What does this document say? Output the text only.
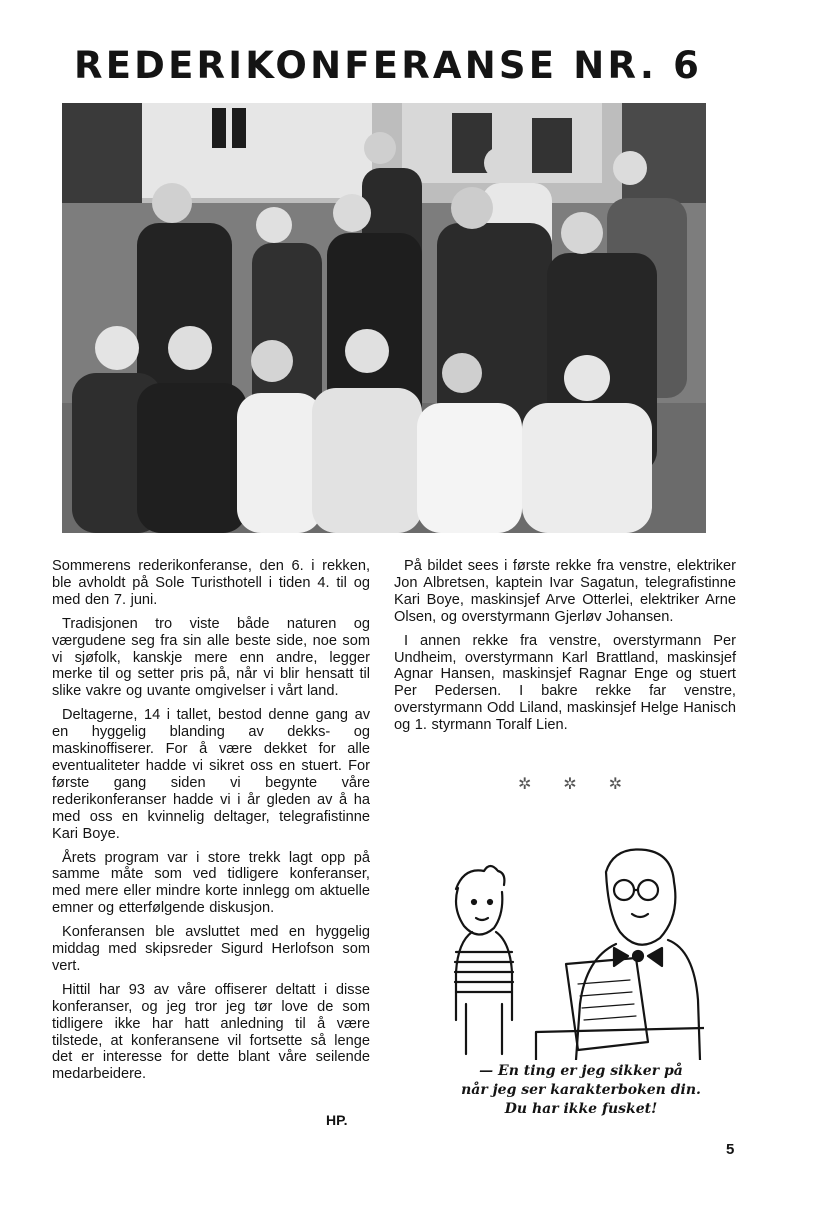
REDERIKONFERANSE NR. 6

Sommerens rederikonferanse, den 6. i rekken, ble avholdt på Sole Turisthotell i tiden 4. til og med den 7. juni.

Tradisjonen tro viste både naturen og værgudene seg fra sin alle beste side, noe som vi sjøfolk, kanskje mere enn andre, legger merke til og setter pris på, når vi blir hensatt til slike vakre og uvante omgivelser i vårt land.

Deltagerne, 14 i tallet, bestod denne gang av en hyggelig blanding av dekks- og maskinoffiserer. For å være dekket for alle eventualiteter hadde vi sikret oss en stuert. For første gang siden vi begynte våre rederikonferanser hadde vi i år gleden av å ha med oss en kvinnelig deltager, telegrafistinne Kari Boye.

Årets program var i store trekk lagt opp på samme måte som ved tidligere konferanser, med mere eller mindre korte innlegg om aktuelle emner og etterfølgende diskusjon.

Konferansen ble avsluttet med en hyggelig middag med skipsreder Sigurd Herlofson som vert.

Hittil har 93 av våre offiserer deltatt i disse konferanser, og jeg tror jeg tør love de som tidligere ikke har hatt anledning til å være tilstede, at konferansene vil fortsette så lenge det er interesse for dette blant våre seilende medarbeidere.

HP.

På bildet sees i første rekke fra venstre, elektriker Jon Albretsen, kaptein Ivar Sagatun, telegrafistinne Kari Boye, maskinsjef Arve Otterlei, elektriker Arne Olsen, og overstyrmann Gjerløv Johansen.

I annen rekke fra venstre, overstyrmann Per Undheim, overstyrmann Karl Brattland, maskinsjef Agnar Hansen, maskinsjef Ragnar Enge og stuert Per Pedersen. I bakre rekke far venstre, overstyrmann Odd Liland, maskinsjef Helge Hanisch og 1. styrmann Toralf Lien.

✲ ✲ ✲
— En ting er jeg sikker på
når jeg ser karakterboken din.
Du har ikke fusket!
5
